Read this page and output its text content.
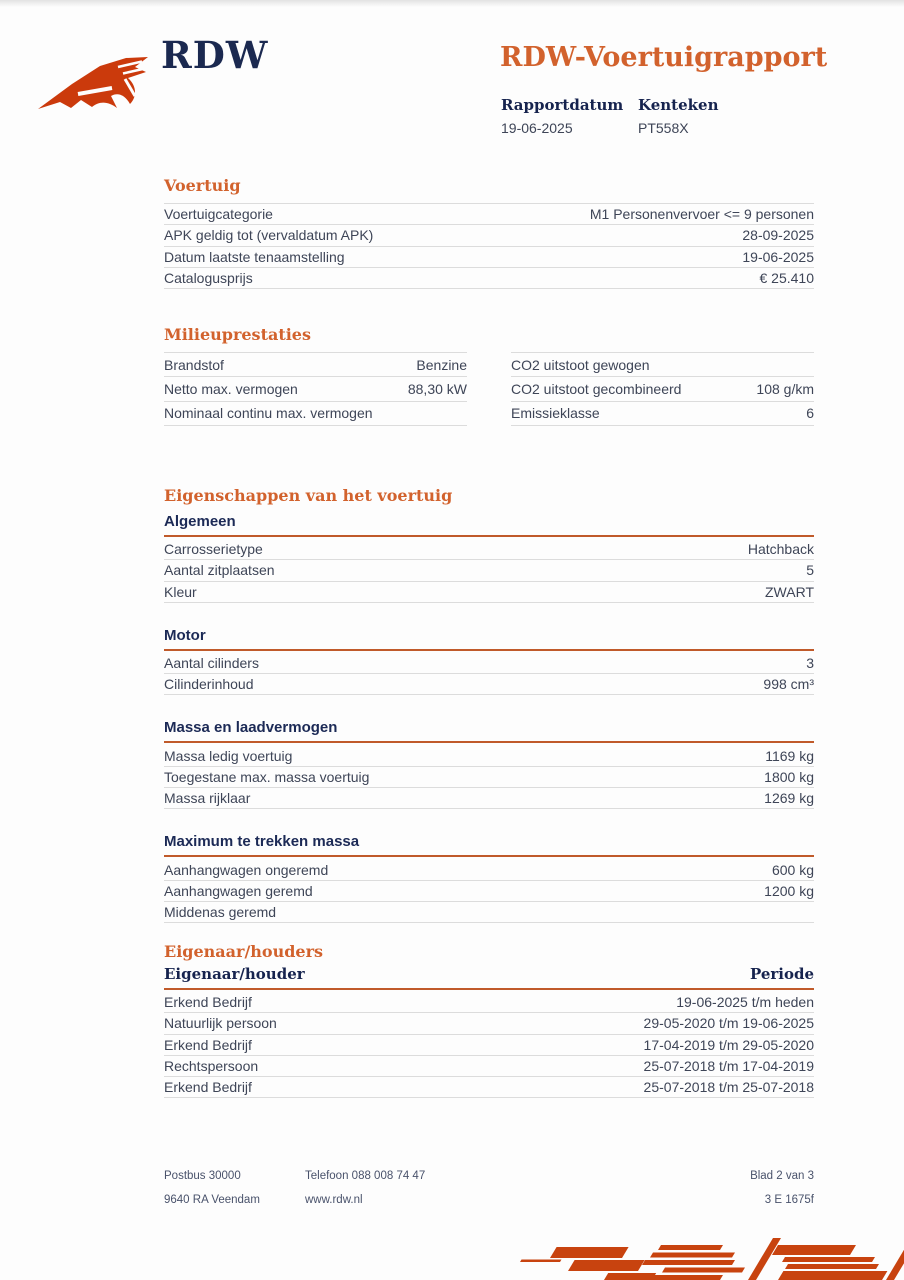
RDW	RDW-Voertuigrapport
Rapportdatum
19-06-2025
Kenteken
PT558X
Voertuig
Voertuigcategorie	M1 Personenvervoer <= 9 personen
APK geldig tot (vervaldatum APK)	28-09-2025
Datum laatste tenaamstelling	19-06-2025
Catalogusprijs	€ 25.410
Milieuprestaties
Brandstof	Benzine
Netto max. vermogen	88,30 kW
Nominaal continu max. vermogen
CO2 uitstoot gewogen
CO2 uitstoot gecombineerd	108 g/km
Emissieklasse	6
Eigenschappen van het voertuig
Algemeen
Carrosserietype	Hatchback
Aantal zitplaatsen	5
Kleur	ZWART
Motor
Aantal cilinders	3
Cilinderinhoud	998 cm³
Massa en laadvermogen
Massa ledig voertuig	1169 kg
Toegestane max. massa voertuig	1800 kg
Massa rijklaar	1269 kg
Maximum te trekken massa
Aanhangwagen ongeremd	600 kg
Aanhangwagen geremd	1200 kg
Middenas geremd
Eigenaar/houders
Eigenaar/houder	Periode
Erkend Bedrijf	19-06-2025 t/m heden
Natuurlijk persoon	29-05-2020 t/m 19-06-2025
Erkend Bedrijf	17-04-2019 t/m 29-05-2020
Rechtspersoon	25-07-2018 t/m 17-04-2019
Erkend Bedrijf	25-07-2018 t/m 25-07-2018
Postbus 30000	Telefoon 088 008 74 47	Blad 2 van 3
9640 RA Veendam	www.rdw.nl	3 E 1675f
